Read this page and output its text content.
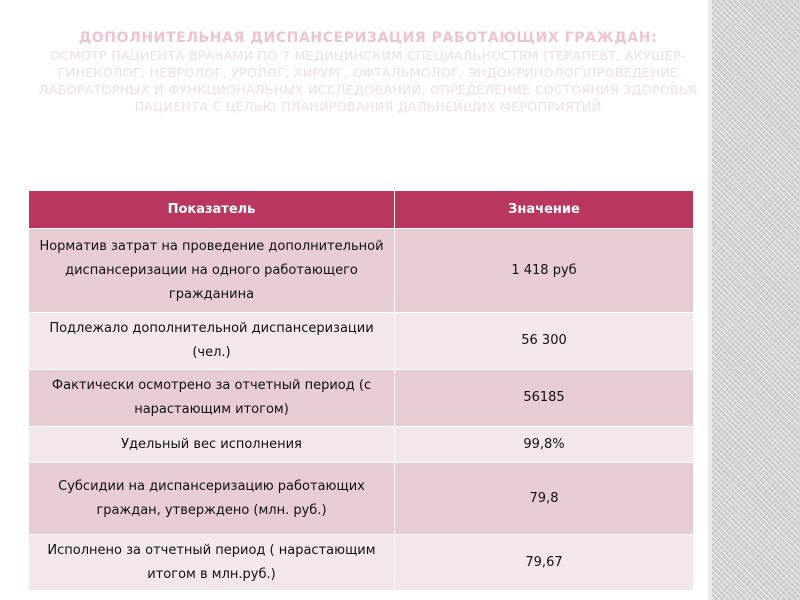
ДОПОЛНИТЕЛЬНАЯ ДИСПАНСЕРИЗАЦИЯ РАБОТАЮЩИХ ГРАЖДАН:
ОСМОТР ПАЦИЕНТА ВРАЧАМИ ПО 7 МЕДИЦИНСКИМ СПЕЦИАЛЬНОСТЯМ (ТЕРАПЕВТ, АКУШЕР-ГИНЕКОЛОГ, НЕВРОЛОГ, УРОЛОГ, ХИРУРГ, ОФТАЛЬМОЛОГ, ЭНДОКРИНОЛОГ)ПРОВЕДЕНИЕ ЛАБОРАТОРНЫХ И ФУНКЦИОНАЛЬНЫХ ИССЛЕДОВАНИЙ, ОПРЕДЕЛЕНИЕ СОСТОЯНИЯ ЗДОРОВЬЯ ПАЦИЕНТА С ЦЕЛЬЮ ПЛАНИРОВАНИЯ ДАЛЬНЕЙШИХ МЕРОПРИЯТИЙ
Показатель	Значение
Норматив затрат на проведение дополнительной диспансеризации на одного работающего гражданина	1 418 руб
Подлежало дополнительной диспансеризации (чел.)	56 300
Фактически осмотрено за отчетный период (с нарастающим итогом)	56185
Удельный вес исполнения	99,8%
Субсидии на диспансеризацию работающих граждан, утверждено (млн. руб.)	79,8
Исполнено за отчетный период ( нарастающим итогом в млн.руб.)	79,67
